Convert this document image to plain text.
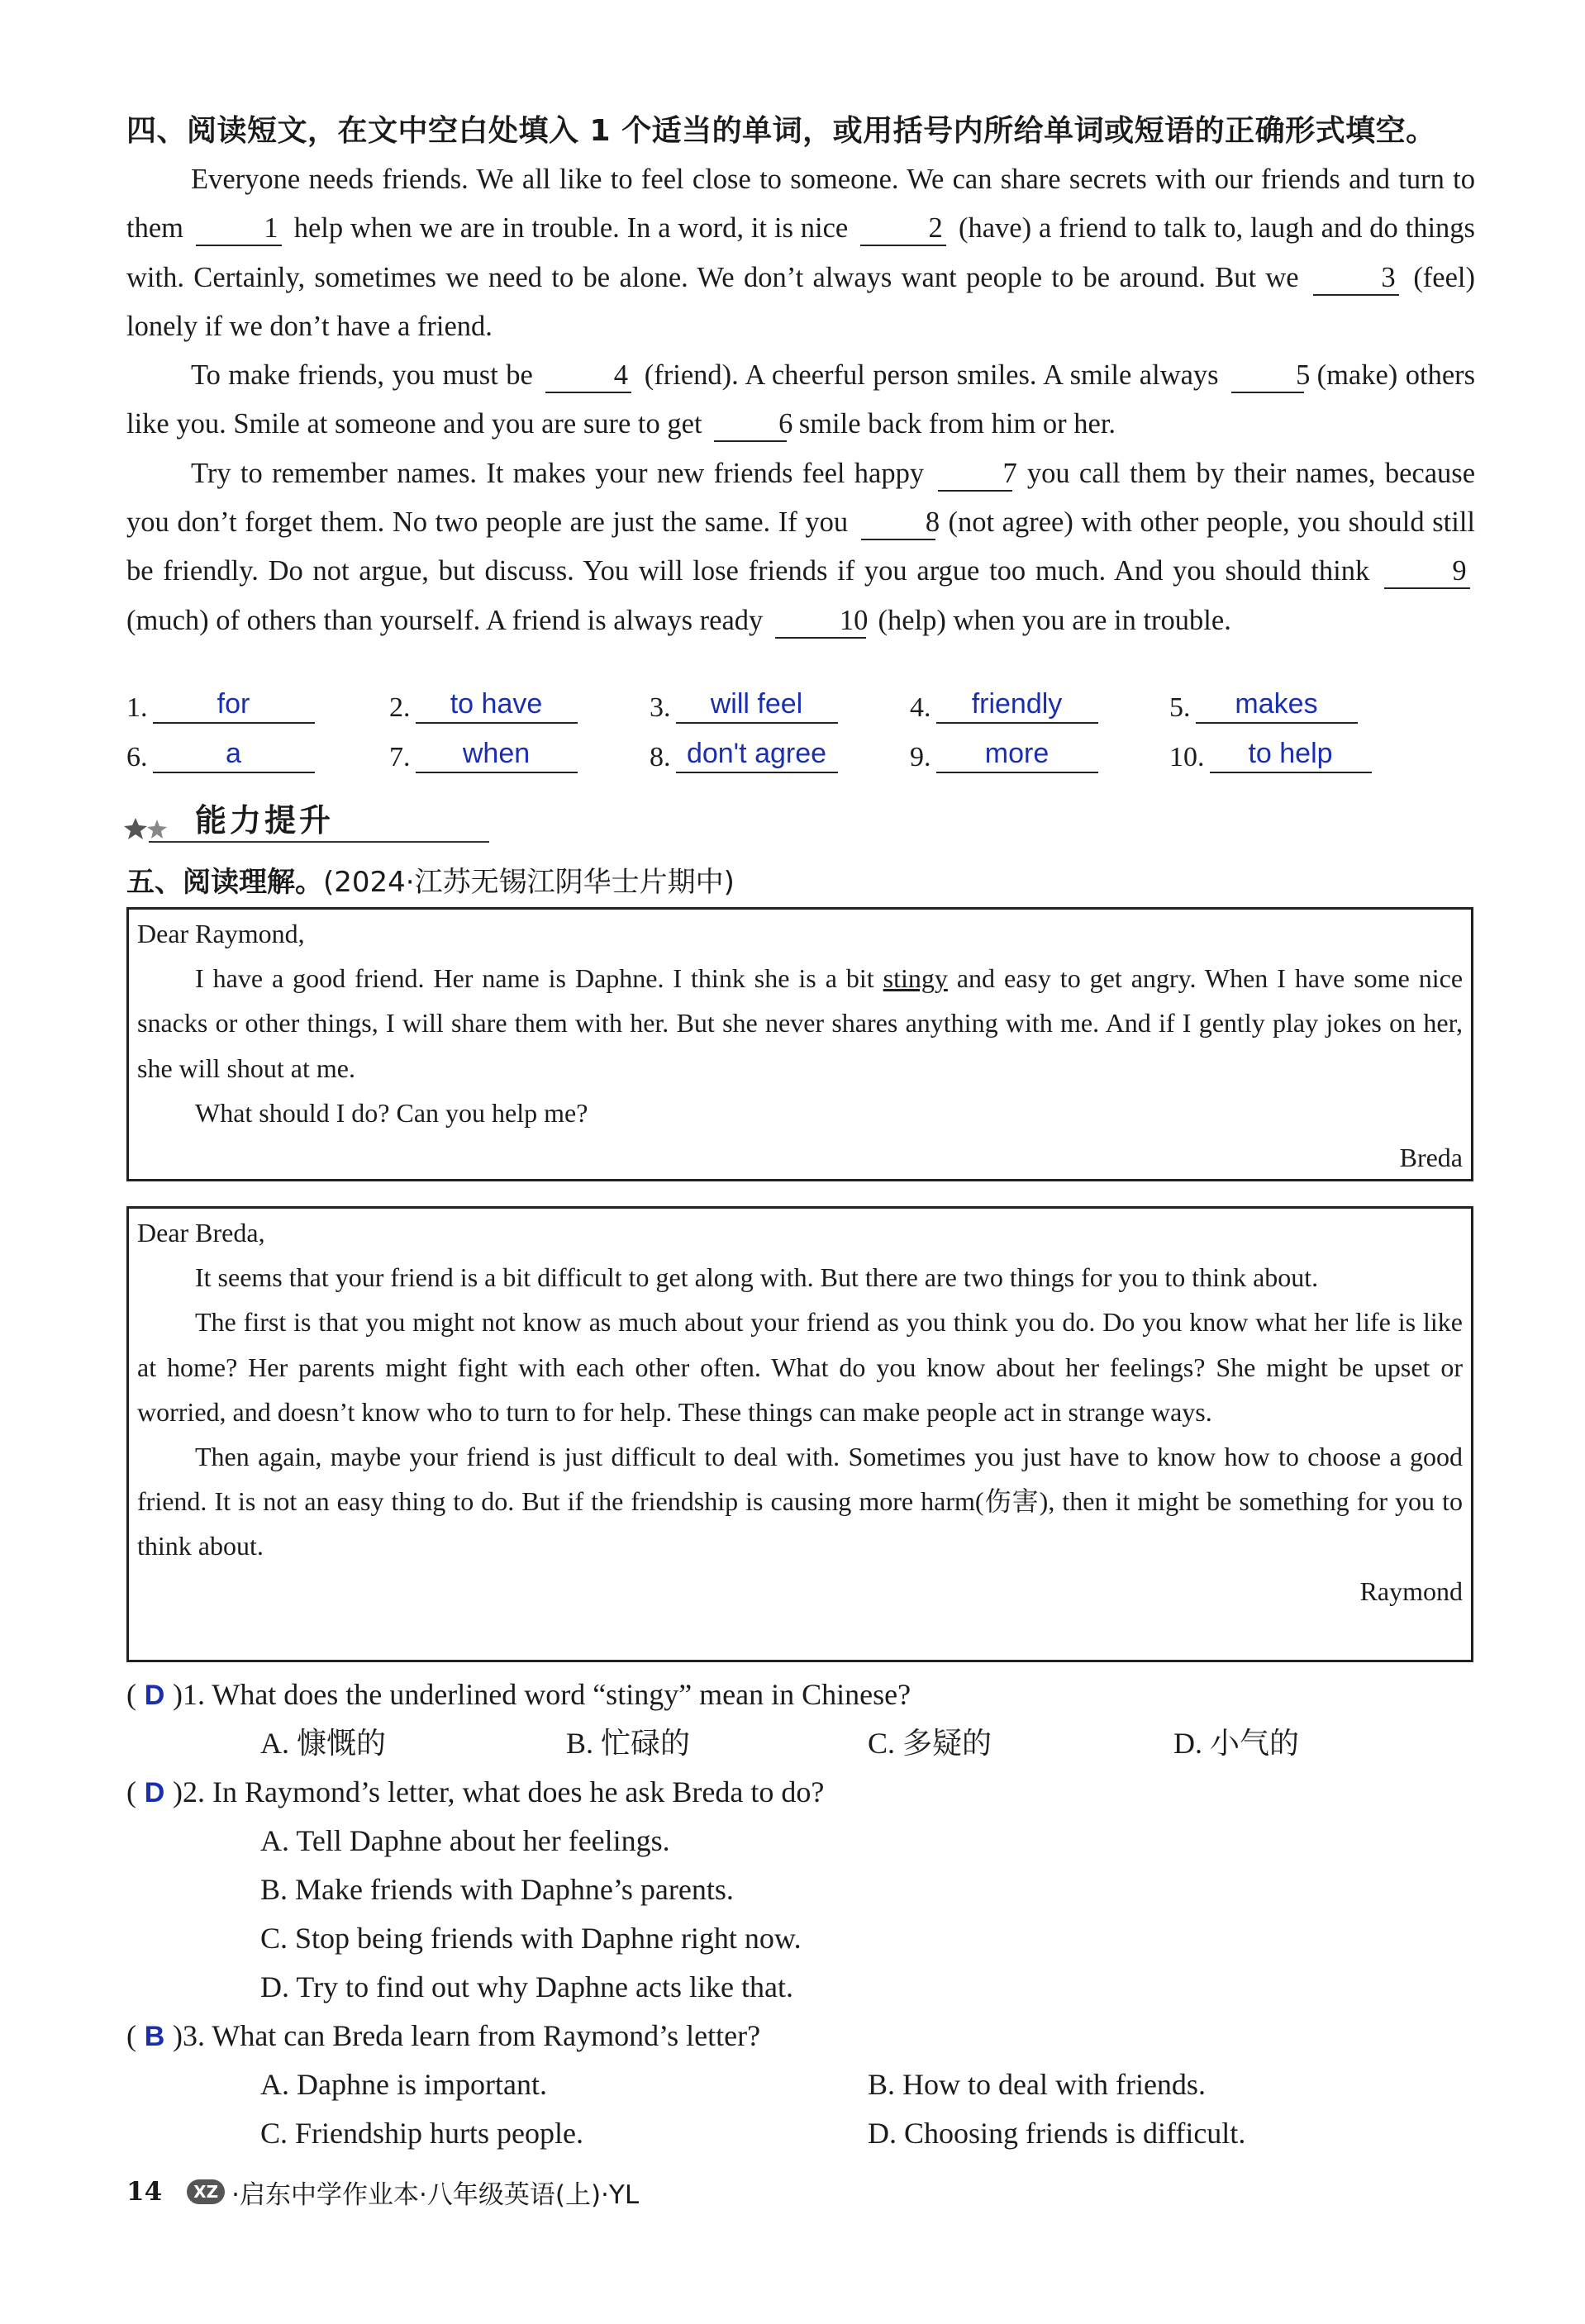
四、阅读短文，在文中空白处填入 1 个适当的单词，或用括号内所给单词或短语的正确形式填空。

Everyone needs friends. We all like to feel close to someone. We can share secrets with our friends and turn to them	1 help when we are in trouble. In a word, it is nice	2 (have) a friend to talk to, laugh and do things with. Certainly, sometimes we need to be alone. We don’t always want people to be around. But we	3 (feel) lonely if we don’t have a friend.

To make friends, you must be	4 (friend). A cheerful person smiles. A smile always	5 (make) others like you. Smile at someone and you are sure to get	6 smile back from him or her.

Try to remember names. It makes your new friends feel happy	7 you call them by their names, because you don’t forget them. No two people are just the same. If you	8 (not agree) with other people, you should still be friendly. Do not argue, but discuss. You will lose friends if you argue too much. And you should think	9 (much) of others than yourself. A friend is always ready	10 (help) when you are in trouble.

1.	for	2.	to have	3.	will feel	4.	friendly	5.	makes
6.	a	7.	when	8. don't agree	9.	more	10.	to help
能力提升
五、阅读理解。(2024·江苏无锡江阴华士片期中)

Dear Raymond,

I have a good friend. Her name is Daphne. I think she is a bit stingy and easy to get angry. When I have some nice snacks or other things, I will share them with her. But she never shares anything with me. And if I gently play jokes on her, she will shout at me.

What should I do? Can you help me?

Breda

Dear Breda,

It seems that your friend is a bit difficult to get along with. But there are two things for you to think about.

The first is that you might not know as much about your friend as you think you do. Do you know what her life is like at home? Her parents might fight with each other often. What do you know about her feelings? She might be upset or worried, and doesn’t know who to turn to for help. These things can make people act in strange ways.

Then again, maybe your friend is just difficult to deal with. Sometimes you just have to know how to choose a good friend. It is not an easy thing to do. But if the friendship is causing more harm(伤害), then it might be something for you to think about.

Raymond

( D )1. What does the underlined word “stingy” mean in Chinese?
A. 慷慨的	B. 忙碌的	C. 多疑的	D. 小气的
( D )2. In Raymond’s letter, what does he ask Breda to do?
A. Tell Daphne about her feelings.
B. Make friends with Daphne’s parents.
C. Stop being friends with Daphne right now.
D. Try to find out why Daphne acts like that.
( B )3. What can Breda learn from Raymond’s letter?
A. Daphne is important.	B. How to deal with friends.
C. Friendship hurts people.	D. Choosing friends is difficult.
14	XZ ·启东中学作业本·八年级英语(上)·YL
